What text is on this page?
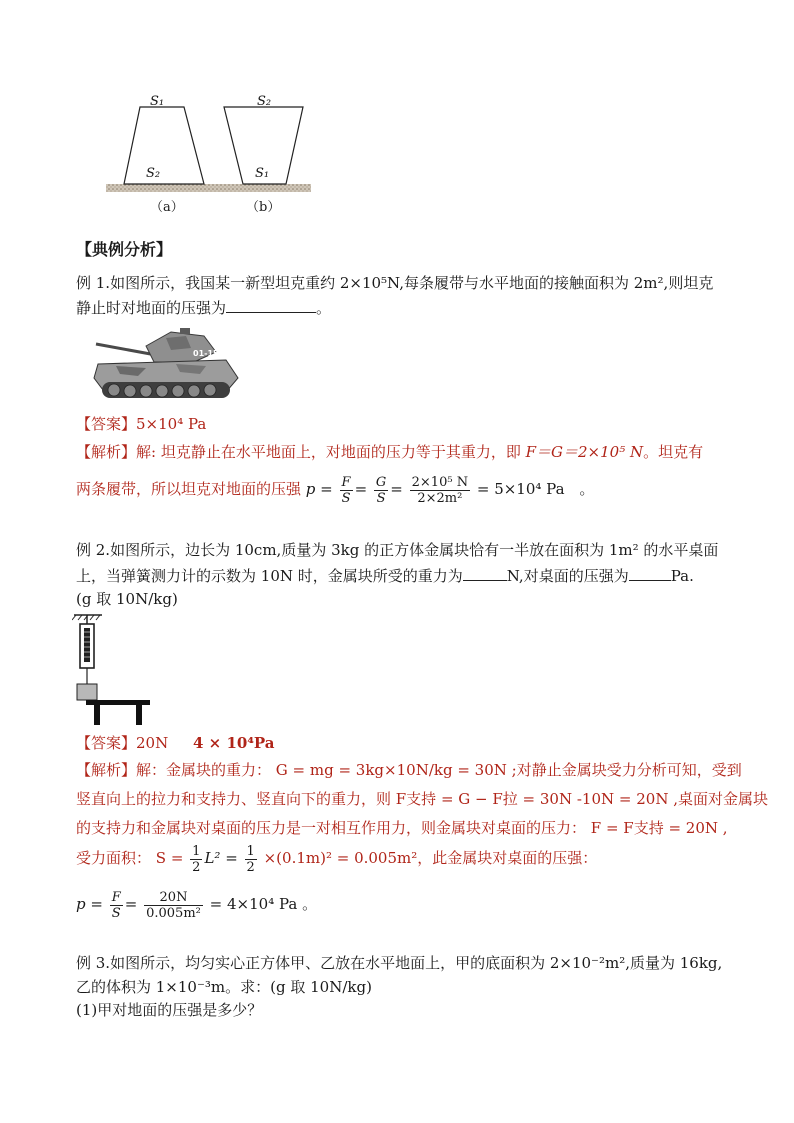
S₁
S₂
S₂
S₁
（a）	（b）
【典例分析】
例 1.如图所示，我国某一新型坦克重约 2×10⁵N,每条履带与水平地面的接触面积为 2m²,则坦克
静止时对地面的压强为	。
01-15
【答案】5×10⁴ Pa
【解析】解: 坦克静止在水平地面上，对地面的压力等于其重力，即 F＝G＝2×10⁵ N。坦克有
两条履带，所以坦克对地面的压强 $p = \frac{F}{S} = \frac{G}{S} = \frac{\text{2×10⁵ N}}{\text{2×2m²}} = 5\times 10^4$ Pa 。
例 2.如图所示，边长为 10cm,质量为 3kg 的正方体金属块恰有一半放在面积为 1m² 的水平桌面
上，当弹簧测力计的示数为 10N 时，金属块所受的重力为	N,对桌面的压强为	Pa.
(g 取 10N/kg)
【答案】20N 4 × 10⁴Pa
【解析】解：金属块的重力： G = mg = 3kg×10N/kg = 30N ;对静止金属块受力分析可知，受到
竖直向上的拉力和支持力、竖直向下的重力，则 F支持 = G − F拉 = 30N -10N = 20N ,桌面对金属块
的支持力和金属块对桌面的压力是一对相互作用力，则金属块对桌面的压力： F = F支持 = 20N ,
受力面积： $S = \frac{1}{2} L^2 = \frac{1}{2} \times(0.1m)^2 = 0.005m^2$，此金属块对桌面的压强：
$p = \frac{F}{S} = \frac{20N}{\text{0.005m²}} = 4\times 10^4$ Pa 。
例 3.如图所示，均匀实心正方体甲、乙放在水平地面上，甲的底面积为 2×10⁻²m²,质量为 16kg,
乙的体积为 1×10⁻³m。求：(g 取 10N/kg)
(1)甲对地面的压强是多少？
